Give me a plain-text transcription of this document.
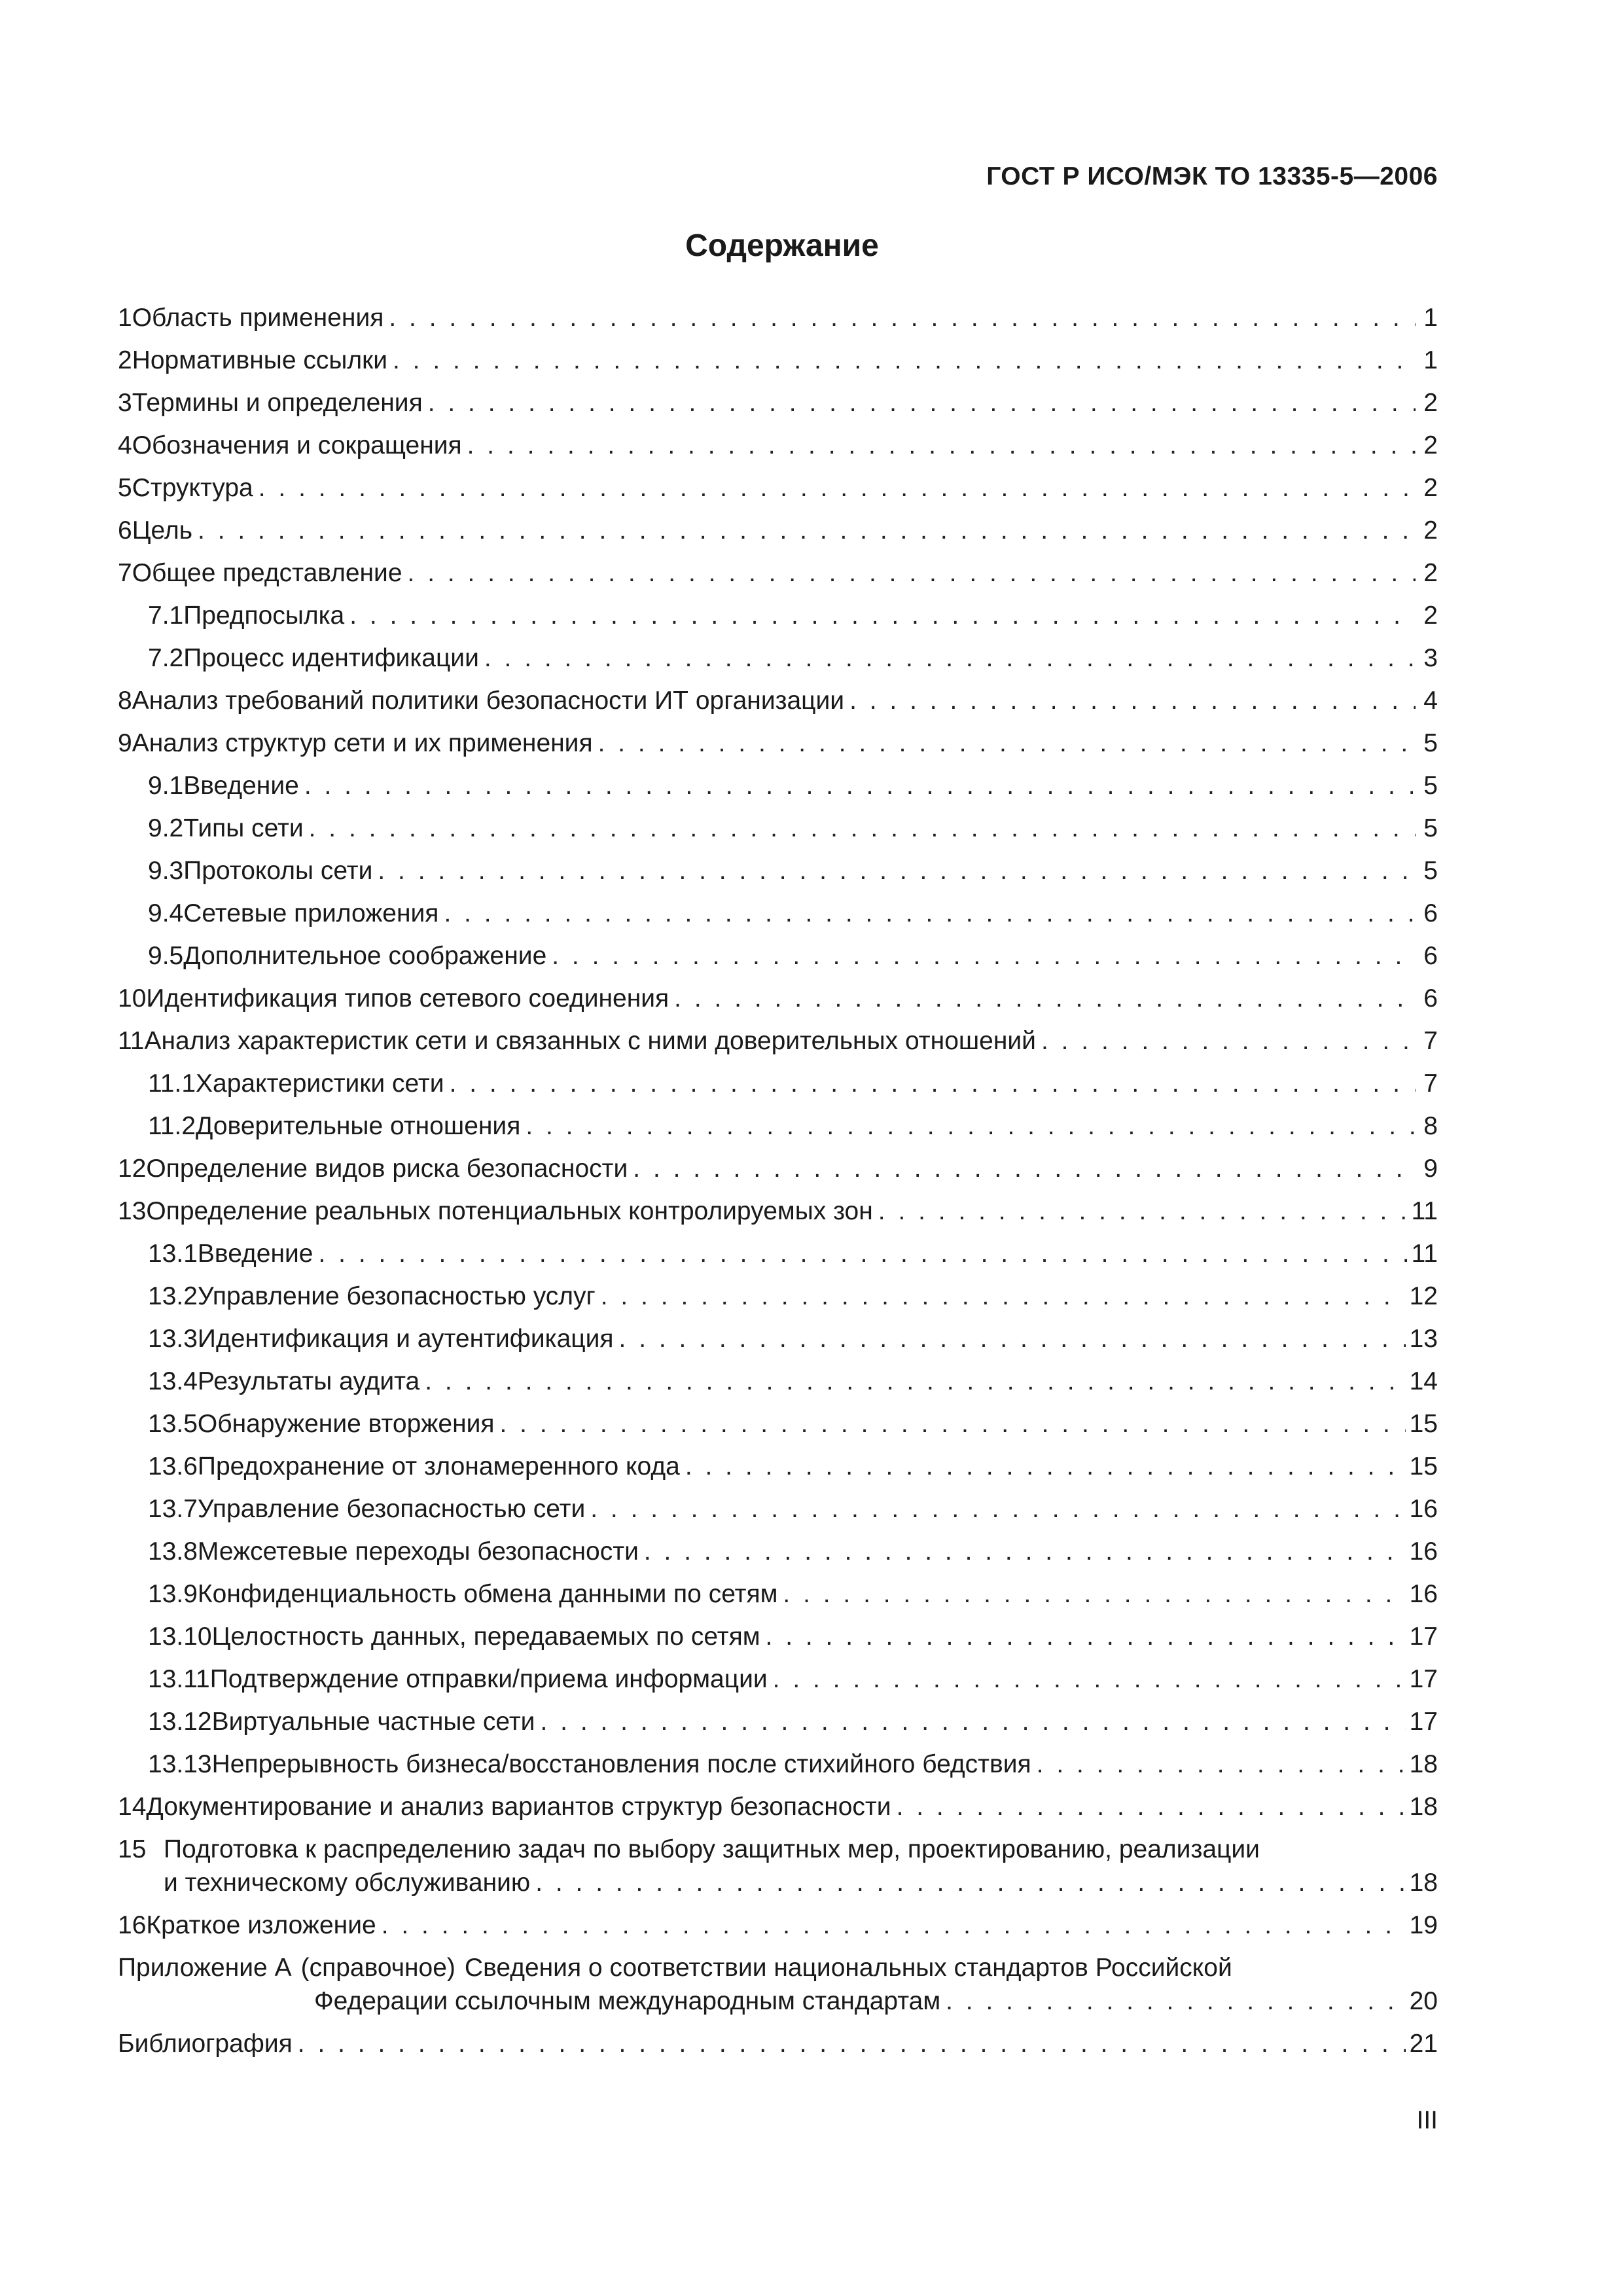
ГОСТ Р ИСО/МЭК ТО 13335-5—2006
Содержание
1 Область применения . . .	1
2 Нормативные ссылки . . .	1
3 Термины и определения . . .	2
4 Обозначения и сокращения . . .	2
5 Структура . . .	2
6 Цель . . .	2
7 Общее представление . . .	2
7.1 Предпосылка . . .	2
7.2 Процесс идентификации . . .	3
8 Анализ требований политики безопасности ИТ организации . . .	4
9 Анализ структур сети и их применения . . .	5
9.1 Введение . . .	5
9.2 Типы сети . . .	5
9.3 Протоколы сети . . .	5
9.4 Сетевые приложения . . .	6
9.5 Дополнительное соображение . . .	6
10 Идентификация типов сетевого соединения . . .	6
11 Анализ характеристик сети и связанных с ними доверительных отношений . . .	7
11.1 Характеристики сети . . .	7
11.2 Доверительные отношения . . .	8
12 Определение видов риска безопасности . . .	9
13 Определение реальных потенциальных контролируемых зон . . .	11
13.1 Введение . . .	11
13.2 Управление безопасностью услуг . . .	12
13.3 Идентификация и аутентификация . . .	13
13.4 Результаты аудита . . .	14
13.5 Обнаружение вторжения . . .	15
13.6 Предохранение от злонамеренного кода . . .	15
13.7 Управление безопасностью сети . . .	16
13.8 Межсетевые переходы безопасности . . .	16
13.9 Конфиденциальность обмена данными по сетям . . .	16
13.10 Целостность данных, передаваемых по сетям . . .	17
13.11 Подтверждение отправки/приема информации . . .	17
13.12 Виртуальные частные сети . . .	17
13.13 Непрерывность бизнеса/восстановления после стихийного бедствия . . .	18
14 Документирование и анализ вариантов структур безопасности . . .	18
15 Подготовка к распределению задач по выбору защитных мер, проектированию, реализации
и техническому обслуживанию . . .	18
16 Краткое изложение . . .	19
Приложение А (справочное) Сведения о соответствии национальных стандартов Российской
Федерации ссылочным международным стандартам . . .	20
Библиография . . .	21
III
